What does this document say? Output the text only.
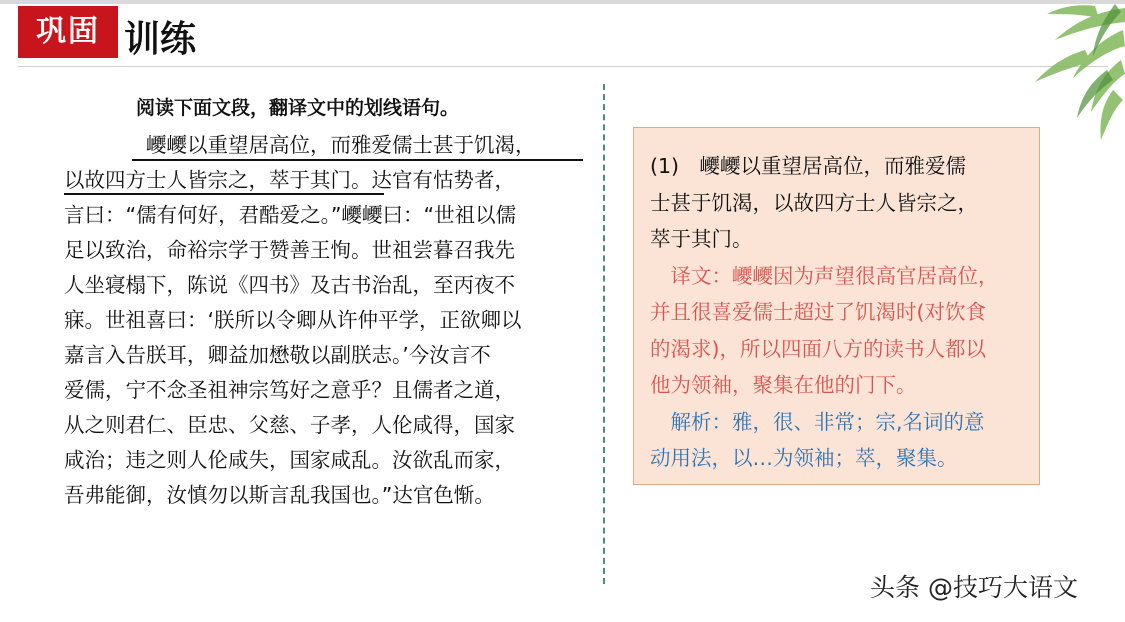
巩固 训练
阅读下面文段，翻译文中的划线语句。
巎巎以重望居高位，而雅爱儒士甚于饥渴，
以故四方士人皆宗之，萃于其门。达官有怙势者，
言曰：“儒有何好，君酷爱之。”巎巎曰：“世祖以儒
足以致治，命裕宗学于赞善王恂。世祖尝暮召我先
人坐寝榻下，陈说《四书》及古书治乱，至丙夜不
寐。世祖喜曰：‘朕所以令卿从许仲平学，正欲卿以
嘉言入告朕耳，卿益加懋敬以副朕志。’今汝言不
爱儒，宁不念圣祖神宗笃好之意乎？且儒者之道，
从之则君仁、臣忠、父慈、子孝，人伦咸得，国家
咸治；违之则人伦咸失，国家咸乱。汝欲乱而家，
吾弗能御，汝慎勿以斯言乱我国也。”达官色惭。
(1)　巎巎以重望居高位，而雅爱儒
士甚于饥渴，以故四方士人皆宗之，
萃于其门。
　译文：巎巎因为声望很高官居高位，
并且很喜爱儒士超过了饥渴时(对饮食
的渴求)，所以四面八方的读书人都以
他为领袖，聚集在他的门下。
　解析：雅，很、非常；宗,名词的意
动用法，以…为领袖；萃，聚集。
头条 @技巧大语文
